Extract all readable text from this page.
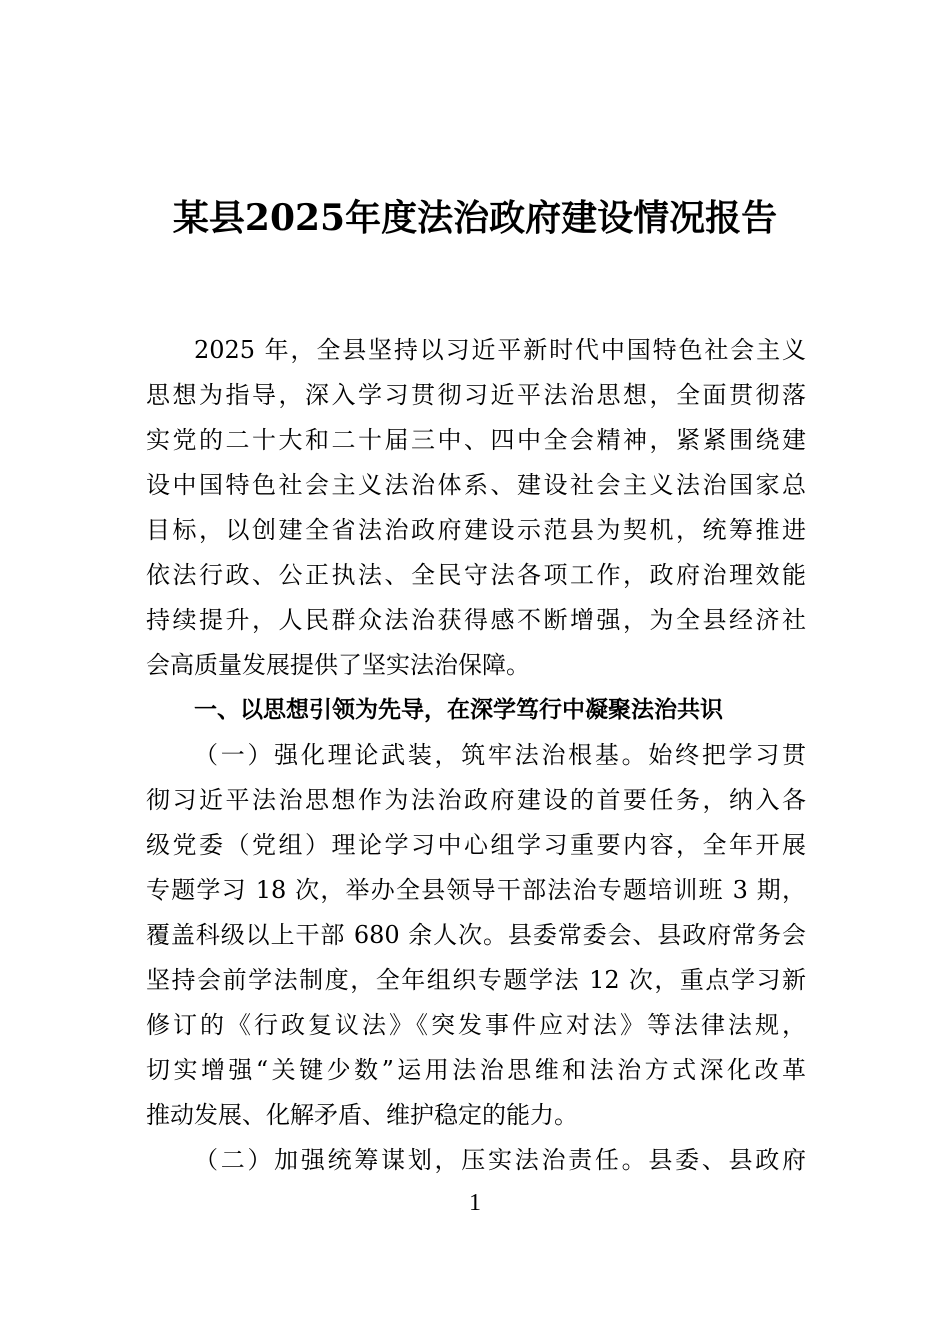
某县2025年度法治政府建设情况报告
2025 年，全县坚持以习近平新时代中国特色社会主义
思想为指导，深入学习贯彻习近平法治思想，全面贯彻落
实党的二十大和二十届三中、四中全会精神，紧紧围绕建
设中国特色社会主义法治体系、建设社会主义法治国家总
目标，以创建全省法治政府建设示范县为契机，统筹推进
依法行政、公正执法、全民守法各项工作，政府治理效能
持续提升，人民群众法治获得感不断增强，为全县经济社
会高质量发展提供了坚实法治保障。
一、以思想引领为先导，在深学笃行中凝聚法治共识
（一）强化理论武装，筑牢法治根基。始终把学习贯
彻习近平法治思想作为法治政府建设的首要任务，纳入各
级党委（党组）理论学习中心组学习重要内容，全年开展
专题学习 18 次，举办全县领导干部法治专题培训班 3 期，
覆盖科级以上干部 680 余人次。县委常委会、县政府常务会
坚持会前学法制度，全年组织专题学法 12 次，重点学习新
修订的《行政复议法》《突发事件应对法》等法律法规，
切实增强“关键少数”运用法治思维和法治方式深化改革
推动发展、化解矛盾、维护稳定的能力。
（二）加强统筹谋划，压实法治责任。县委、县政府
1
